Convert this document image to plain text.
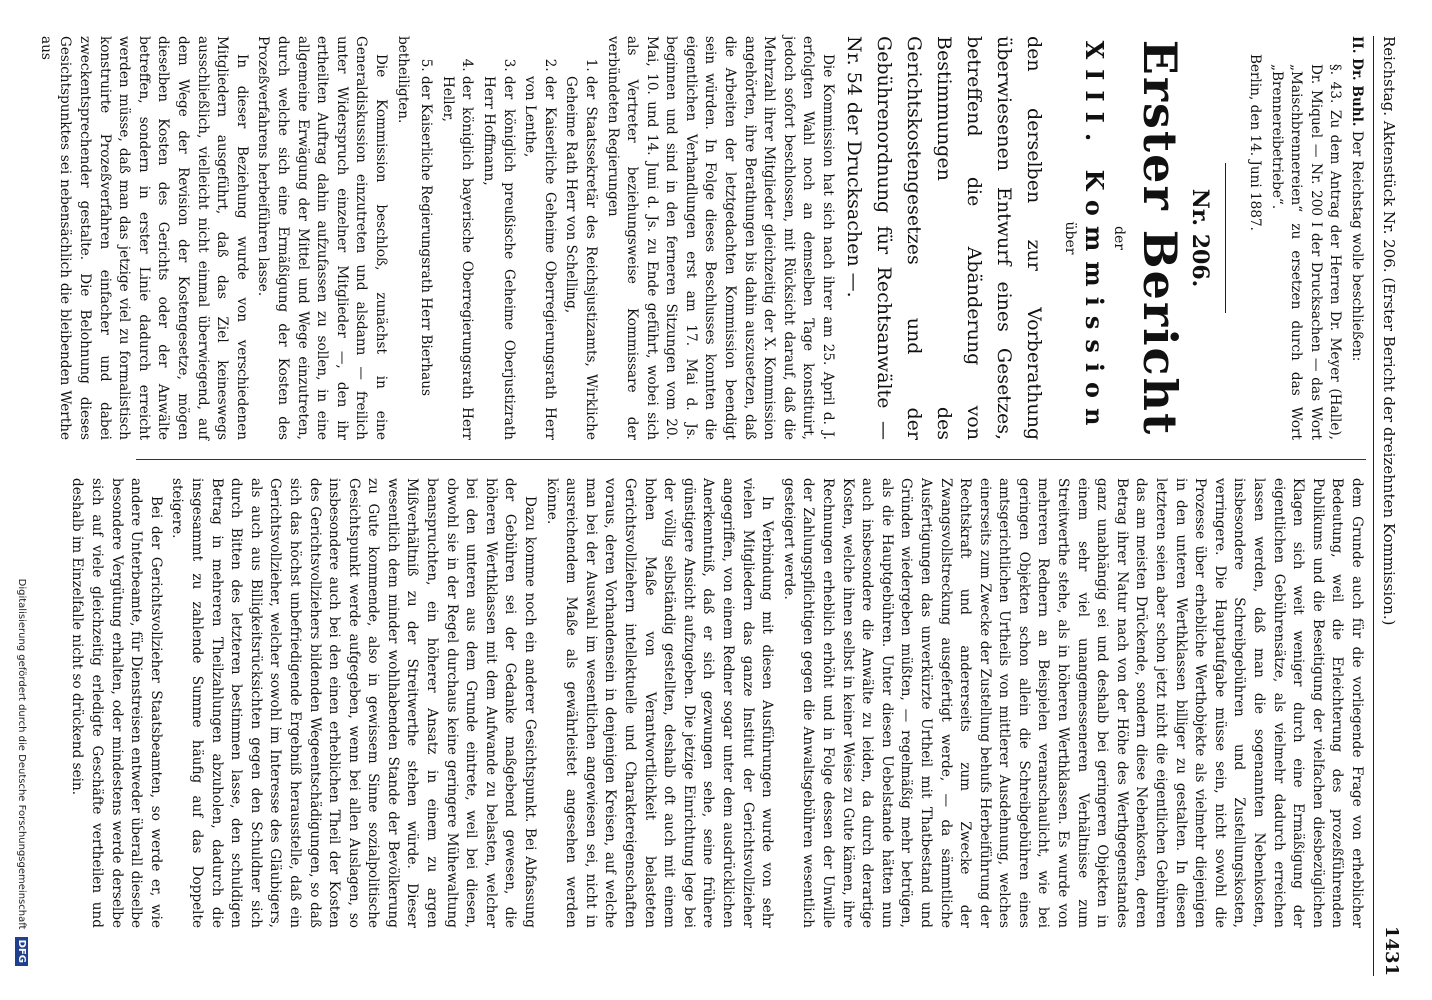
Reichstag. Aktenstück Nr. 206. (Erster Bericht der dreizehnten Kommission.)
1431

II. Dr. Buhl. Der Reichstag wolle beschließen:

§. 43. Zu dem Antrag der Herren Dr. Meyer (Halle), Dr. Miquel — Nr. 200 I der Drucksachen — das Wort „Maischbrennereien“ zu ersetzen durch das Wort „Brennereibetriebe“.

Berlin, den 14. Juni 1887.

Nr. 206.
Erster Bericht
der
XIII. Kommission
über

den derselben zur Vorberathung überwiesenen Entwurf eines Gesetzes, betreffend die Abänderung von Bestimmungen des Gerichtskostengesetzes und der Gebührenordnung für Rechtsanwälte — Nr. 54 der Drucksachen —.

Die Kommission hat sich nach ihrer am 25. April d. J. erfolgten Wahl noch an demselben Tage konstituirt, jedoch sofort beschlossen, mit Rücksicht darauf, daß die Mehrzahl ihrer Mitglieder gleichzeitig der X. Kommission angehörten, ihre Berathungen bis dahin auszusetzen, daß die Arbeiten der letztgedachten Kommission beendigt sein würden. In Folge dieses Beschlusses konnten die eigentlichen Verhandlungen erst am 17. Mai d. Js. beginnen und sind in den ferneren Sitzungen vom 20. Mai, 10. und 14. Juni d. Js. zu Ende geführt, wobei sich als Vertreter beziehungsweise Kommissare der verbündeten Regierungen

1. der Staatssekretär des Reichsjustizamts, Wirkliche Geheime Rath Herr von Schelling,
2. der Kaiserliche Geheime Oberregierungsrath Herr von Lenthe,
3. der königlich preußische Geheime Oberjustizrath Herr Hoffmann,
4. der königlich bayerische Oberregierungsrath Herr Heller,
5. der Kaiserliche Regierungsrath Herr Bierhaus

betheiligten.

Die Kommission beschloß, zunächst in eine Generaldiskussion einzutreten und alsdann — freilich unter Widerspruch einzelner Mitglieder —, den ihr ertheilten Auftrag dahin aufzufassen zu sollen, in eine allgemeine Erwägung der Mittel und Wege einzutreten, durch welche sich eine Ermäßigung der Kosten des Prozeßverfahrens herbeiführen lasse.

In dieser Beziehung wurde von verschiedenen Mitgliedern ausgeführt, daß das Ziel keineswegs ausschließlich, vielleicht nicht einmal überwiegend, auf dem Wege der Revision der Kostengesetze, mögen dieselben Kosten des Gerichts oder der Anwälte betreffen, sondern in erster Linie dadurch erreicht werden müsse, daß man das jetzige viel zu formalistisch konstruirte Prozeßverfahren einfacher und dabei zweckentsprechender gestalte. Die Belohnung dieses Gesichtspunktes sei nebensächlich die bleibenden Werthe aus

dem Grunde auch für die vorliegende Frage von erheblicher Bedeutung, weil die Erleichterung des prozeßführenden Publikums und die Beseitigung der vielfachen diesbezüglichen Klagen sich weit weniger durch eine Ermäßigung der eigentlichen Gebührensätze, als vielmehr dadurch erreichen lassen werden, daß man die sogenannten Nebenkosten, insbesondere Schreibgebühren und Zustellungskosten, verringere. Die Hauptaufgabe müsse sein, nicht sowohl die Prozesse über erhebliche Werthobjekte als vielmehr diejenigen in den unteren Werthklassen billiger zu gestalten. In diesen letzteren seien aber schon jetzt nicht die eigentlichen Gebühren das am meisten Drückende, sondern diese Nebenkosten, deren Betrag ihrer Natur nach von der Höhe des Werthgegenstandes ganz unabhängig sei und deshalb bei geringeren Objekten in einem sehr viel unangemesseneren Verhältnisse zum Streitwerthe stehe, als in höheren Werthklassen. Es wurde von mehreren Rednern an Beispielen veranschaulicht, wie bei geringen Objekten schon allein die Schreibgebühren eines amtsgerichtlichen Urtheils von mittlerer Ausdehnung, welches einerseits zum Zwecke der Zustellung behufs Herbeiführung der Rechtskraft und andererseits zum Zwecke der Zwangsvollstreckung ausgefertigt werde, — da sämmtliche Ausfertigungen das unverkürzte Urtheil mit Thatbestand und Gründen wiedergeben müßten, — regelmäßig mehr betrügen, als die Hauptgebühren. Unter diesen Uebelstande hätten nun auch insbesondere die Anwälte zu leiden, da durch derartige Kosten, welche ihnen selbst in keiner Weise zu Gute kämen, ihre Rechnungen erheblich erhöht und in Folge dessen der Unwille der Zahlungspflichtigen gegen die Anwaltsgebühren wesentlich gesteigert werde.

In Verbindung mit diesen Ausführungen wurde von sehr vielen Mitgliedern das ganze Institut der Gerichtsvollzieher angegriffen, von einem Redner sogar unter dem ausdrücklichen Anerkenntniß, daß er sich gezwungen sehe, seine frühere günstigere Ansicht aufzugeben. Die jetzige Einrichtung lege bei der völlig selbständig gestellten, deshalb oft auch mit einem hohen Maße von Verantwortlichkeit belasteten Gerichtsvollziehern intellektuelle und Charaktereigenschaften voraus, deren Vorhandensein in denjenigen Kreisen, auf welche man bei der Auswahl im wesentlichen angewiesen sei, nicht in ausreichendem Maße als gewährleistet angesehen werden könne.

Dazu komme noch ein anderer Gesichtspunkt. Bei Abfassung der Gebühren sei der Gedanke maßgebend gewesen, die höheren Werthklassen mit dem Aufwande zu belasten, welcher bei den unteren aus dem Grunde eintrete, weil bei diesen, obwohl sie in der Regel durchaus keine geringere Mühewaltung beanspruchten, ein höherer Ansatz in einem zu argen Mißverhältniß zu der Streitwerthe stehen würde. Dieser wesentlich dem minder wohlhabenden Stande der Bevölkerung zu Gute kommende, also in gewissem Sinne sozialpolitische Gesichtspunkt werde aufgegeben, wenn bei allen Auslagen, so insbesondere auch bei den einen erheblichen Theil der Kosten des Gerichtsvollziehers bildenden Wegeentschädigungen, so daß sich das höchst unbefriedigende Ergebniß herausstelle, daß ein Gerichtsvollzieher, welcher sowohl im Interesse des Gläubigers, als auch aus Billigkeitsrücksichten gegen den Schuldner sich durch Bitten des letzteren bestimmen lasse, den schuldigen Betrag in mehreren Theilzahlungen abzuholen, dadurch die insgesammt zu zahlende Summe häufig auf das Doppelte steigere.

Bei der Gerichtsvollzieher Staatsbeamten, so werde er, wie andere Unterbeamte, für Dienstreisen entweder überall dieselbe besondere Vergütung erhalten, oder mindestens werde derselbe sich auf viele gleichzeitig erledigte Geschäfte vertheilen und deshalb im Einzelfalle nicht so drückend sein.

Digitalisierung gefördert durch die Deutsche Forschungsgemeinschaft DFG
